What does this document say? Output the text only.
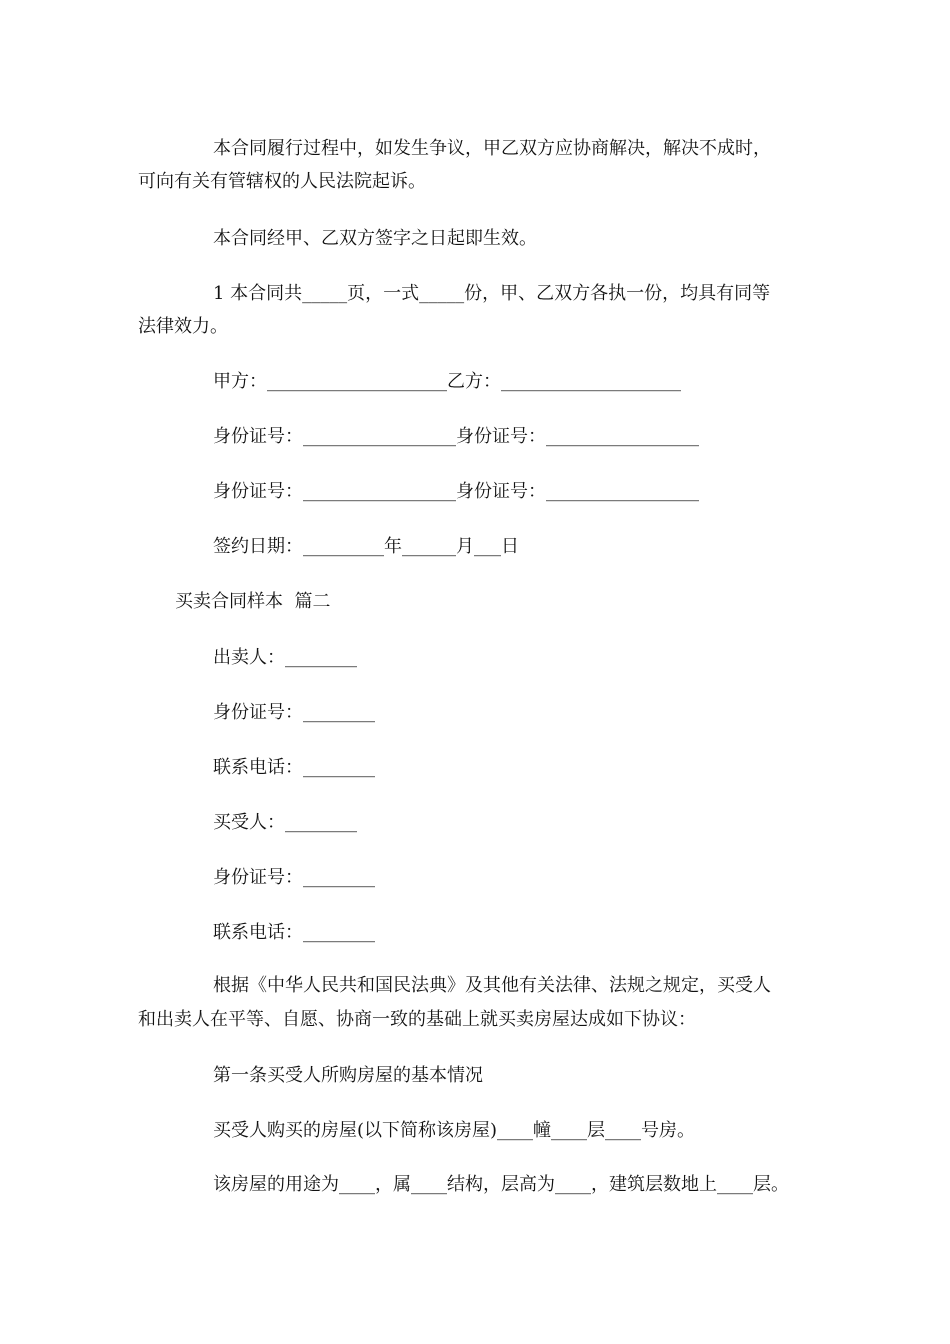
本合同履行过程中，如发生争议，甲乙双方应协商解决，解决不成时，
可向有关有管辖权的人民法院起诉。
本合同经甲、乙双方签字之日起即生效。
1 本合同共_____页，一式_____份，甲、乙双方各执一份，均具有同等
法律效力。
甲方：____________________乙方：____________________
身份证号：_________________身份证号：_________________
身份证号：_________________身份证号：_________________
签约日期：_________年______月___日
买卖合同样本  篇二
出卖人：________
身份证号：________
联系电话：________
买受人：________
身份证号：________
联系电话：________
根据《中华人民共和国民法典》及其他有关法律、法规之规定，买受人
和出卖人在平等、自愿、协商一致的基础上就买卖房屋达成如下协议：
第一条买受人所购房屋的基本情况
买受人购买的房屋(以下简称该房屋)____幢____层____号房。
该房屋的用途为____，属____结构，层高为____，建筑层数地上____层。
